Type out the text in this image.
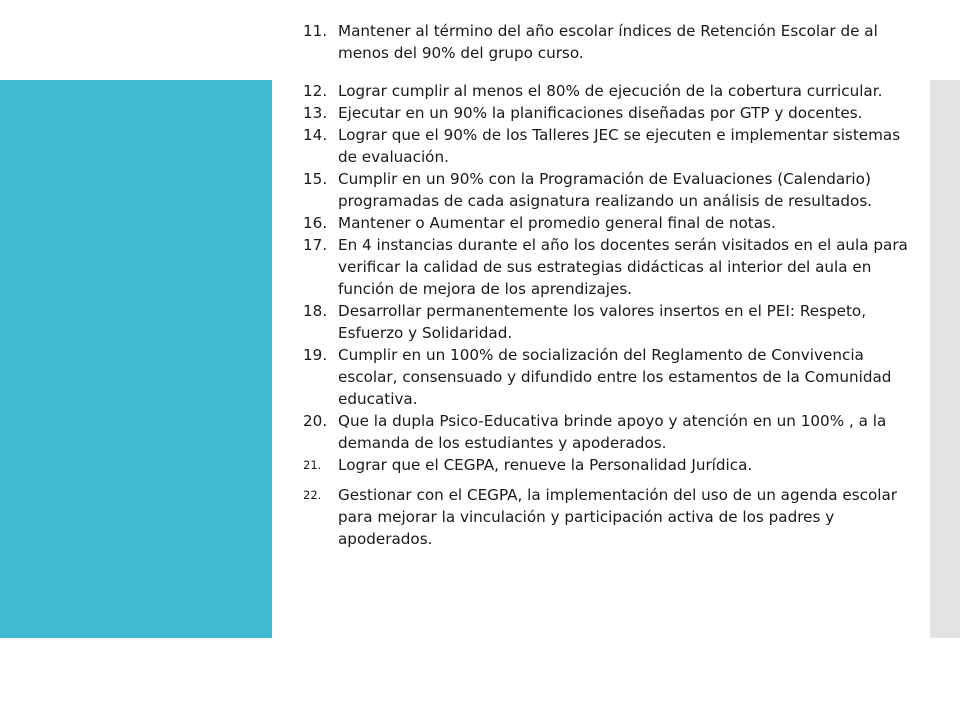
11. Mantener al término del año escolar índices de Retención Escolar de al menos del 90% del grupo curso.
12. Lograr cumplir al menos el 80% de ejecución de la cobertura curricular.
13. Ejecutar en un 90% la planificaciones diseñadas por GTP y docentes.
14. Lograr que el 90% de los Talleres JEC se ejecuten e implementar sistemas de evaluación.
15. Cumplir en un 90% con la Programación de Evaluaciones (Calendario) programadas de cada asignatura realizando un análisis de resultados.
16. Mantener o Aumentar el promedio general final de notas.
17. En 4 instancias durante el año los docentes serán visitados en el aula para verificar la calidad de sus estrategias didácticas al interior del aula en función de mejora de los aprendizajes.
18. Desarrollar permanentemente los valores insertos en el PEI: Respeto, Esfuerzo y Solidaridad.
19. Cumplir en un 100% de socialización del Reglamento de Convivencia escolar, consensuado y difundido entre los estamentos de la Comunidad educativa.
20. Que la dupla Psico-Educativa brinde apoyo y atención en un 100% , a la demanda de los estudiantes y apoderados.
21. Lograr que el CEGPA, renueve la Personalidad Jurídica.
22. Gestionar con el CEGPA, la implementación del uso de un agenda escolar para mejorar la vinculación y participación activa de los padres y apoderados.
